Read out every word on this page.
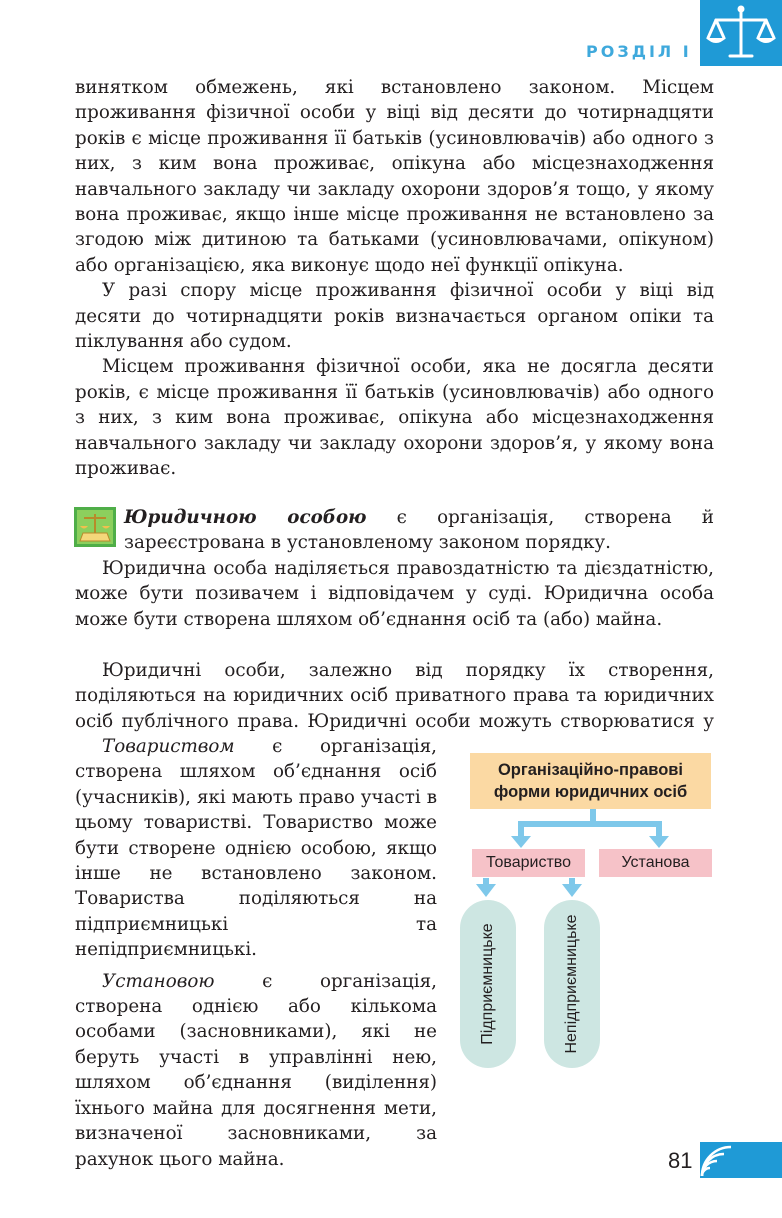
РОЗДІЛ І

винятком обмежень, які встановлено законом. Місцем проживання фізичної особи у віці від десяти до чотирнадцяти років є місце проживання її батьків (усиновлювачів) або одного з них, з ким вона проживає, опікуна або місцезнаходження навчального закладу чи закладу охорони здоров’я тощо, у якому вона проживає, якщо інше місце проживання не встановлено за згодою між дитиною та батьками (усиновлювачами, опікуном) або організацією, яка виконує щодо неї функції опікуна.

У разі спору місце проживання фізичної особи у віці від десяти до чотирнадцяти років визначається органом опіки та піклування або судом.

Місцем проживання фізичної особи, яка не досягла десяти років, є місце проживання її батьків (усиновлювачів) або одного з них, з ким вона проживає, опікуна або місцезнаходження навчального закладу чи закладу охорони здоров’я, у якому вона проживає.

Юридичною особою є організація, створена й зареєстрована в установленому законом порядку.

Юридична особа наділяється правоздатністю та дієздатністю, може бути позивачем і відповідачем у суді. Юридична особа може бути створена шляхом об’єднання осіб та (або) майна.

Юридичні особи, залежно від порядку їх створення, поділяються на юридичних осіб приватного права та юридичних осіб публічного права. Юридичні особи можуть створюватися у

Товариством є організація, створена шляхом об’єднання осіб (учасників), які мають право участі в цьому товаристві. Товариство може бути створене однією особою, якщо інше не встановлено законом. Товариства поділяються на підприємницькі та непідприємницькі.

Установою є організація, створена однією або кількома особами (засновниками), які не беруть участі в управлінні нею, шляхом об’єднання (виділення) їхнього майна для досягнення мети, визначеної засновниками, за рахунок цього майна.

Організаційно-правові форми юридичних осіб
Товариство	Установа
Підприємницьке	Непідприємницьке
81
